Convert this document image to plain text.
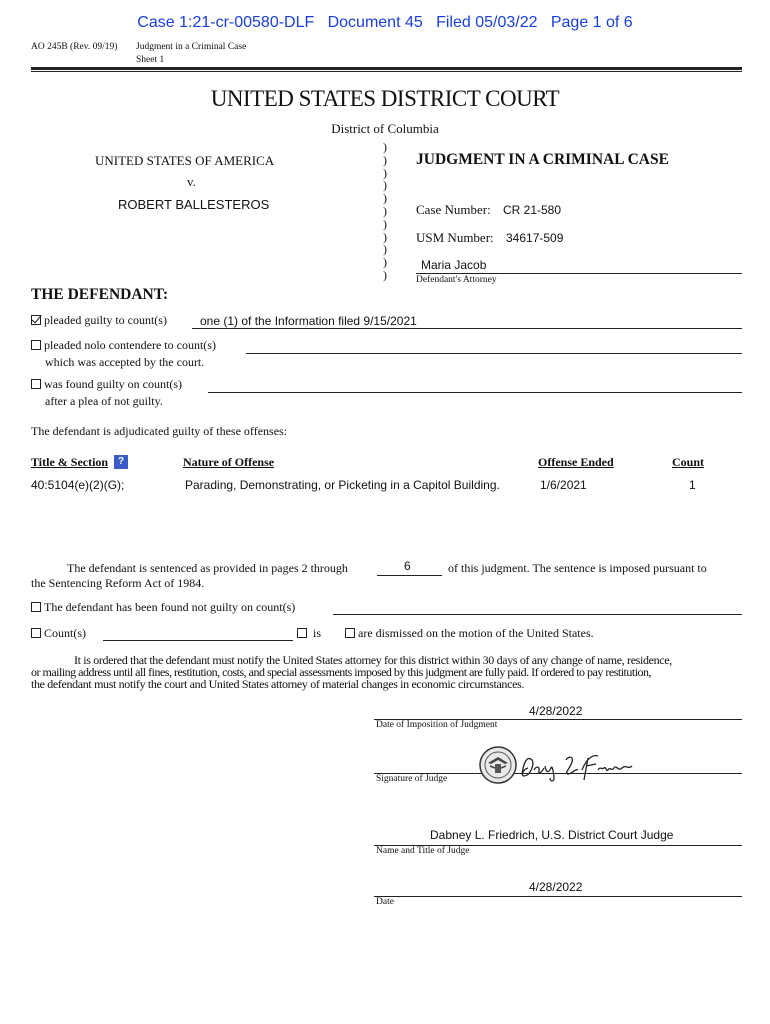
Case 1:21-cr-00580-DLF   Document 45   Filed 05/03/22   Page 1 of 6
AO 245B (Rev. 09/19) Judgment in a Criminal Case
Sheet 1
UNITED STATES DISTRICT COURT
District of Columbia
UNITED STATES OF AMERICA
v.
ROBERT BALLESTEROS
)
)
)
)
)
)
)
)
)
)
)
JUDGMENT IN A CRIMINAL CASE
Case Number: CR 21-580
USM Number: 34617-509
Maria Jacob
Defendant's Attorney
THE DEFENDANT:
pleaded guilty to count(s)	one (1) of the Information filed 9/15/2021
pleaded nolo contendere to count(s)
which was accepted by the court.
was found guilty on count(s)
after a plea of not guilty.
The defendant is adjudicated guilty of these offenses:
Title & Section ?	Nature of Offense	Offense Ended	Count
40:5104(e)(2)(G);	Parading, Demonstrating, or Picketing in a Capitol Building.	1/6/2021	1
The defendant is sentenced as provided in pages 2 through	6	of this judgment. The sentence is imposed pursuant to
the Sentencing Reform Act of 1984.
The defendant has been found not guilty on count(s)
Count(s)	is	are dismissed on the motion of the United States.
It is ordered that the defendant must notify the United States attorney for this district within 30 days of any change of name, residence,
or mailing address until all fines, restitution, costs, and special assessments imposed by this judgment are fully paid. If ordered to pay restitution,
the defendant must notify the court and United States attorney of material changes in economic circumstances.
4/28/2022
Date of Imposition of Judgment
Signature of Judge
Dabney L. Friedrich, U.S. District Court Judge
Name and Title of Judge
4/28/2022
Date
